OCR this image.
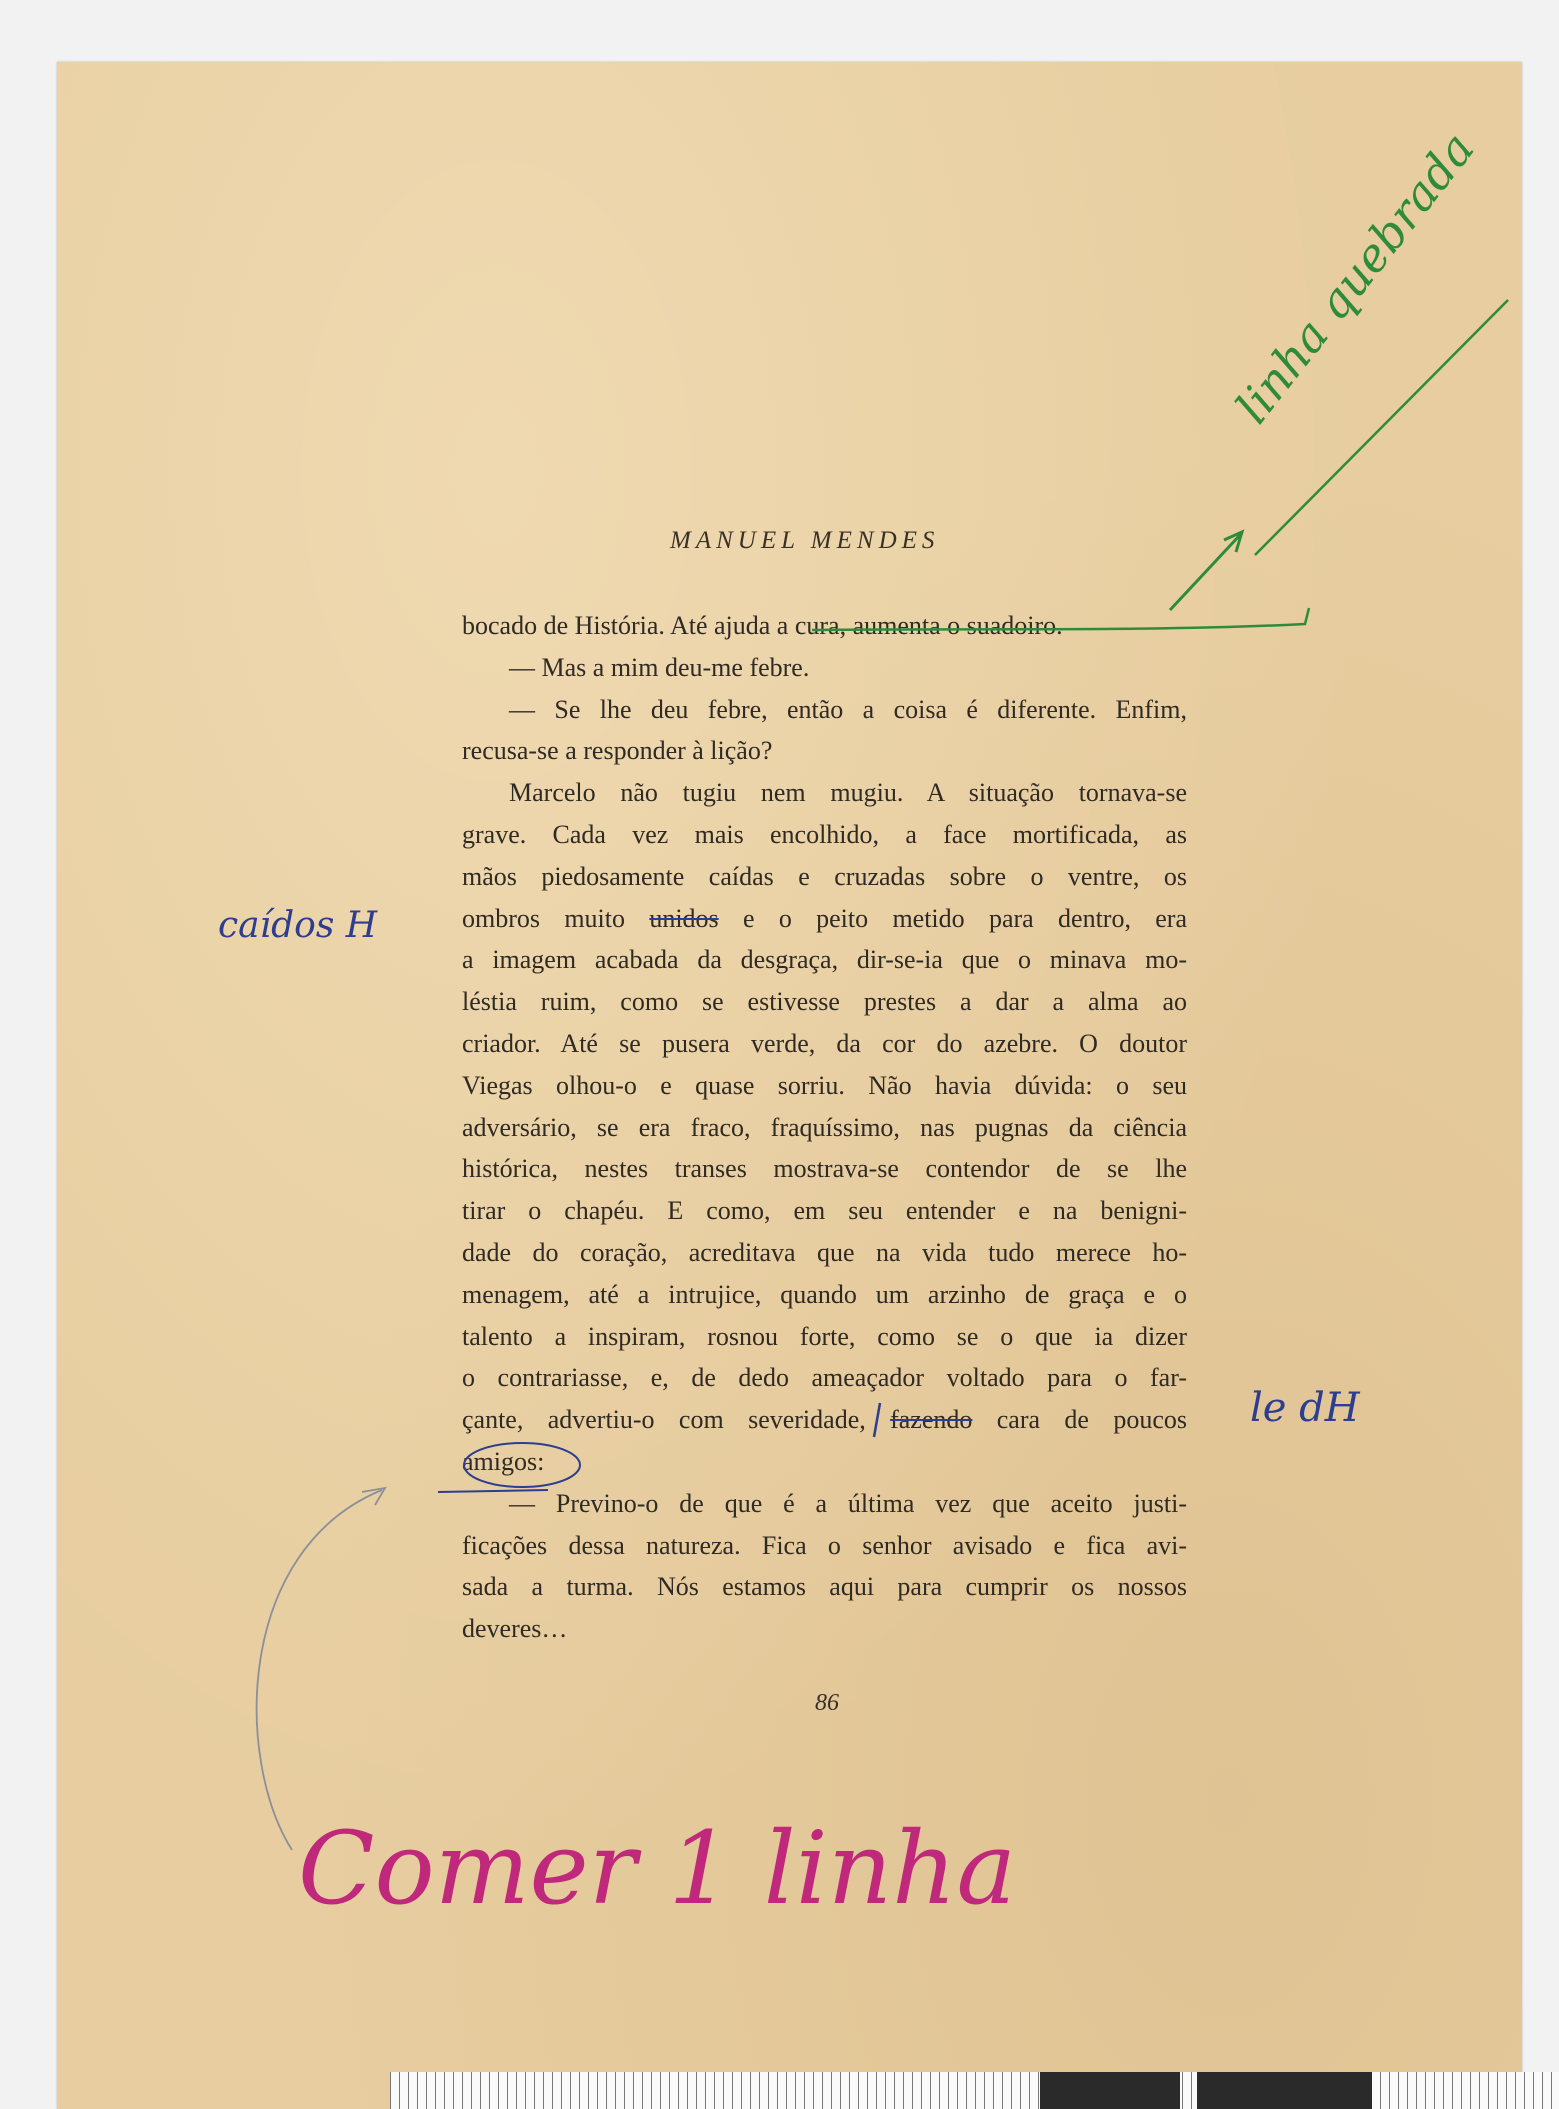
MANUEL MENDES
bocado de História. Até ajuda a cura, aumenta o suadoiro.
— Mas a mim deu-me febre.
— Se lhe deu febre, então a coisa é diferente. Enfim,
recusa-se a responder à lição?
Marcelo não tugiu nem mugiu. A situação tornava-se
grave. Cada vez mais encolhido, a face mortificada, as
mãos piedosamente caídas e cruzadas sobre o ventre, os
ombros muito unidos e o peito metido para dentro, era
a imagem acabada da desgraça, dir-se-ia que o minava mo-
léstia ruim, como se estivesse prestes a dar a alma ao
criador. Até se pusera verde, da cor do azebre. O doutor
Viegas olhou-o e quase sorriu. Não havia dúvida: o seu
adversário, se era fraco, fraquíssimo, nas pugnas da ciência
histórica, nestes transes mostrava-se contendor de se lhe
tirar o chapéu. E como, em seu entender e na benigni-
dade do coração, acreditava que na vida tudo merece ho-
menagem, até a intrujice, quando um arzinho de graça e o
talento a inspiram, rosnou forte, como se o que ia dizer
o contrariasse, e, de dedo ameaçador voltado para o far-
çante, advertiu-o com severidade, fazendo cara de poucos
amigos:
— Previno-o de que é a última vez que aceito justi-
ficações dessa natureza. Fica o senhor avisado e fica avi-
sada a turma. Nós estamos aqui para cumprir os nossos
deveres…
86
caídos H
le dH
linha quebrada
Comer 1 linha
